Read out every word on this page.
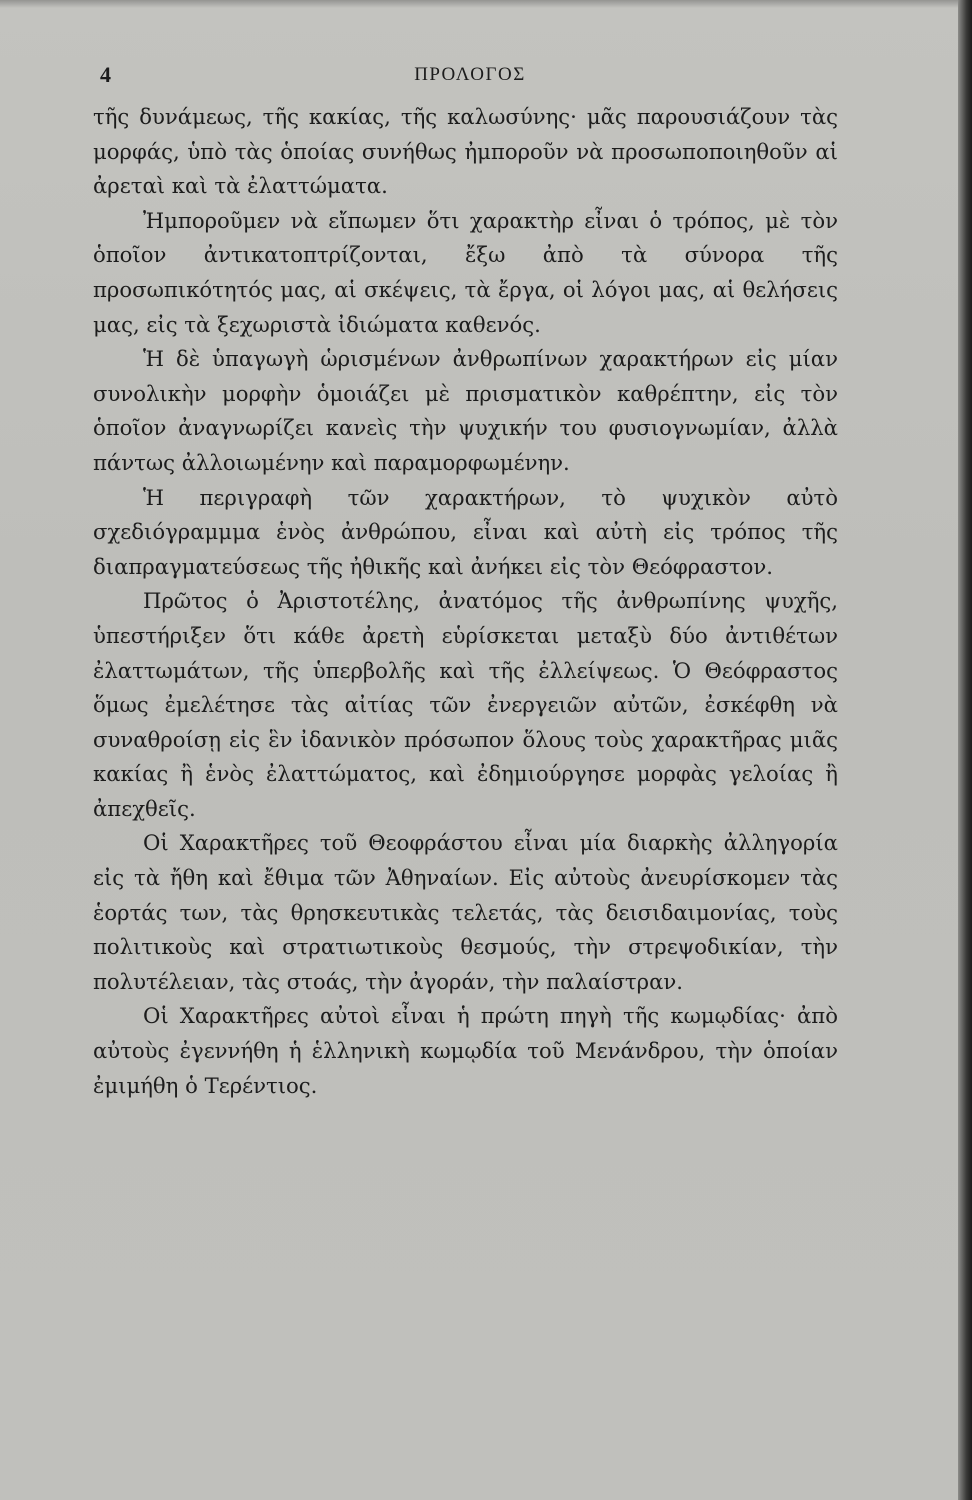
4	ΠΡΟΛΟΓΟΣ

τῆς δυνάμεως, τῆς κακίας, τῆς καλωσύνης· μᾶς παρουσιάζουν τὰς μορφάς, ὑπὸ τὰς ὁποίας συνήθως ἠμποροῦν νὰ προσωποποιηθοῦν αἱ ἀρεταὶ καὶ τὰ ἐλαττώματα.

Ἠμποροῦμεν νὰ εἴπωμεν ὅτι χαρακτὴρ εἶναι ὁ τρόπος, μὲ τὸν ὁποῖον ἀντικατοπτρίζονται, ἔξω ἀπὸ τὰ σύνορα τῆς προσωπικότητός μας, αἱ σκέψεις, τὰ ἔργα, οἱ λόγοι μας, αἱ θελήσεις μας, εἰς τὰ ξεχωριστὰ ἰδιώματα καθενός.

Ἡ δὲ ὑπαγωγὴ ὡρισμένων ἀνθρωπίνων χαρακτήρων εἰς μίαν συνολικὴν μορφὴν ὁμοιάζει μὲ πρισματικὸν καθρέπτην, εἰς τὸν ὁποῖον ἀναγνωρίζει κανεὶς τὴν ψυχικήν του φυσιογνωμίαν, ἀλλὰ πάντως ἀλλοιωμένην καὶ παραμορφωμένην.

Ἡ περιγραφὴ τῶν χαρακτήρων, τὸ ψυχικὸν αὐτὸ σχεδιόγραμμμα ἑνὸς ἀνθρώπου, εἶναι καὶ αὐτὴ εἰς τρόπος τῆς διαπραγματεύσεως τῆς ἠθικῆς καὶ ἀνήκει εἰς τὸν Θεόφραστον.

Πρῶτος ὁ Ἀριστοτέλης, ἀνατόμος τῆς ἀνθρωπίνης ψυχῆς, ὑπεστήριξεν ὅτι κάθε ἀρετὴ εὑρίσκεται μεταξὺ δύο ἀντιθέτων ἐλαττωμάτων, τῆς ὑπερβολῆς καὶ τῆς ἐλλείψεως. Ὁ Θεόφραστος ὅμως ἐμελέτησε τὰς αἰτίας τῶν ἐνεργειῶν αὐτῶν, ἐσκέφθη νὰ συναθροίσῃ εἰς ἓν ἰδανικὸν πρόσωπον ὅλους τοὺς χαρακτῆρας μιᾶς κακίας ἢ ἑνὸς ἐλαττώματος, καὶ ἐδημιούργησε μορφὰς γελοίας ἢ ἀπεχθεῖς.

Οἱ Χαρακτῆρες τοῦ Θεοφράστου εἶναι μία διαρκὴς ἀλληγορία εἰς τὰ ἤθη καὶ ἔθιμα τῶν Ἀθηναίων. Εἰς αὐτοὺς ἀνευρίσκομεν τὰς ἑορτάς των, τὰς θρησκευτικὰς τελετάς, τὰς δεισιδαιμονίας, τοὺς πολιτικοὺς καὶ στρατιωτικοὺς θεσμούς, τὴν στρεψοδικίαν, τὴν πολυτέλειαν, τὰς στοάς, τὴν ἀγοράν, τὴν παλαίστραν.

Οἱ Χαρακτῆρες αὐτοὶ εἶναι ἡ πρώτη πηγὴ τῆς κωμῳδίας· ἀπὸ αὐτοὺς ἐγεννήθη ἡ ἑλληνικὴ κωμῳδία τοῦ Μενάνδρου, τὴν ὁποίαν ἐμιμήθη ὁ Τερέντιος.
